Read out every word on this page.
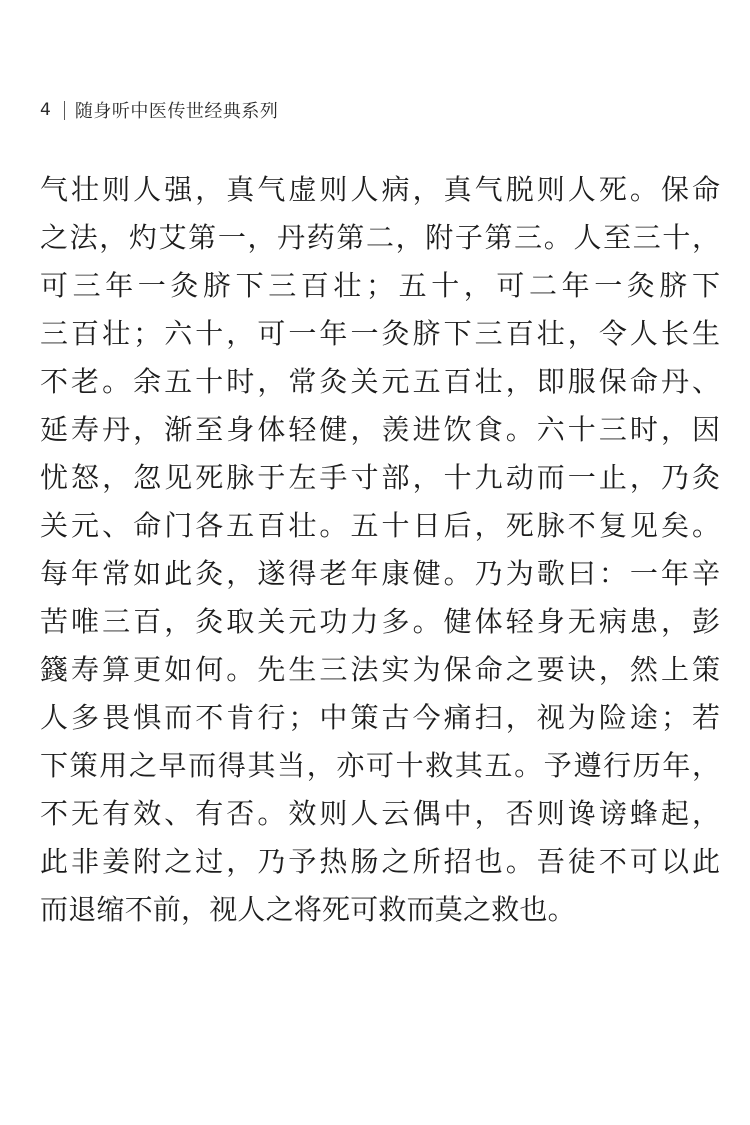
4 随身听中医传世经典系列
气壮则人强，真气虚则人病，真气脱则人死。保命
之法，灼艾第一，丹药第二，附子第三。人至三十，
可三年一灸脐下三百壮；五十，可二年一灸脐下
三百壮；六十，可一年一灸脐下三百壮，令人长生
不老。余五十时，常灸关元五百壮，即服保命丹、
延寿丹，渐至身体轻健，羡进饮食。六十三时，因
忧怒，忽见死脉于左手寸部，十九动而一止，乃灸
关元、命门各五百壮。五十日后，死脉不复见矣。
每年常如此灸，遂得老年康健。乃为歌曰：一年辛
苦唯三百，灸取关元功力多。健体轻身无病患，彭
籛寿算更如何。先生三法实为保命之要诀，然上策
人多畏惧而不肯行；中策古今痛扫，视为险途；若
下策用之早而得其当，亦可十救其五。予遵行历年，
不无有效、有否。效则人云偶中，否则谗谤蜂起，
此非姜附之过，乃予热肠之所招也。吾徒不可以此
而退缩不前，视人之将死可救而莫之救也。
